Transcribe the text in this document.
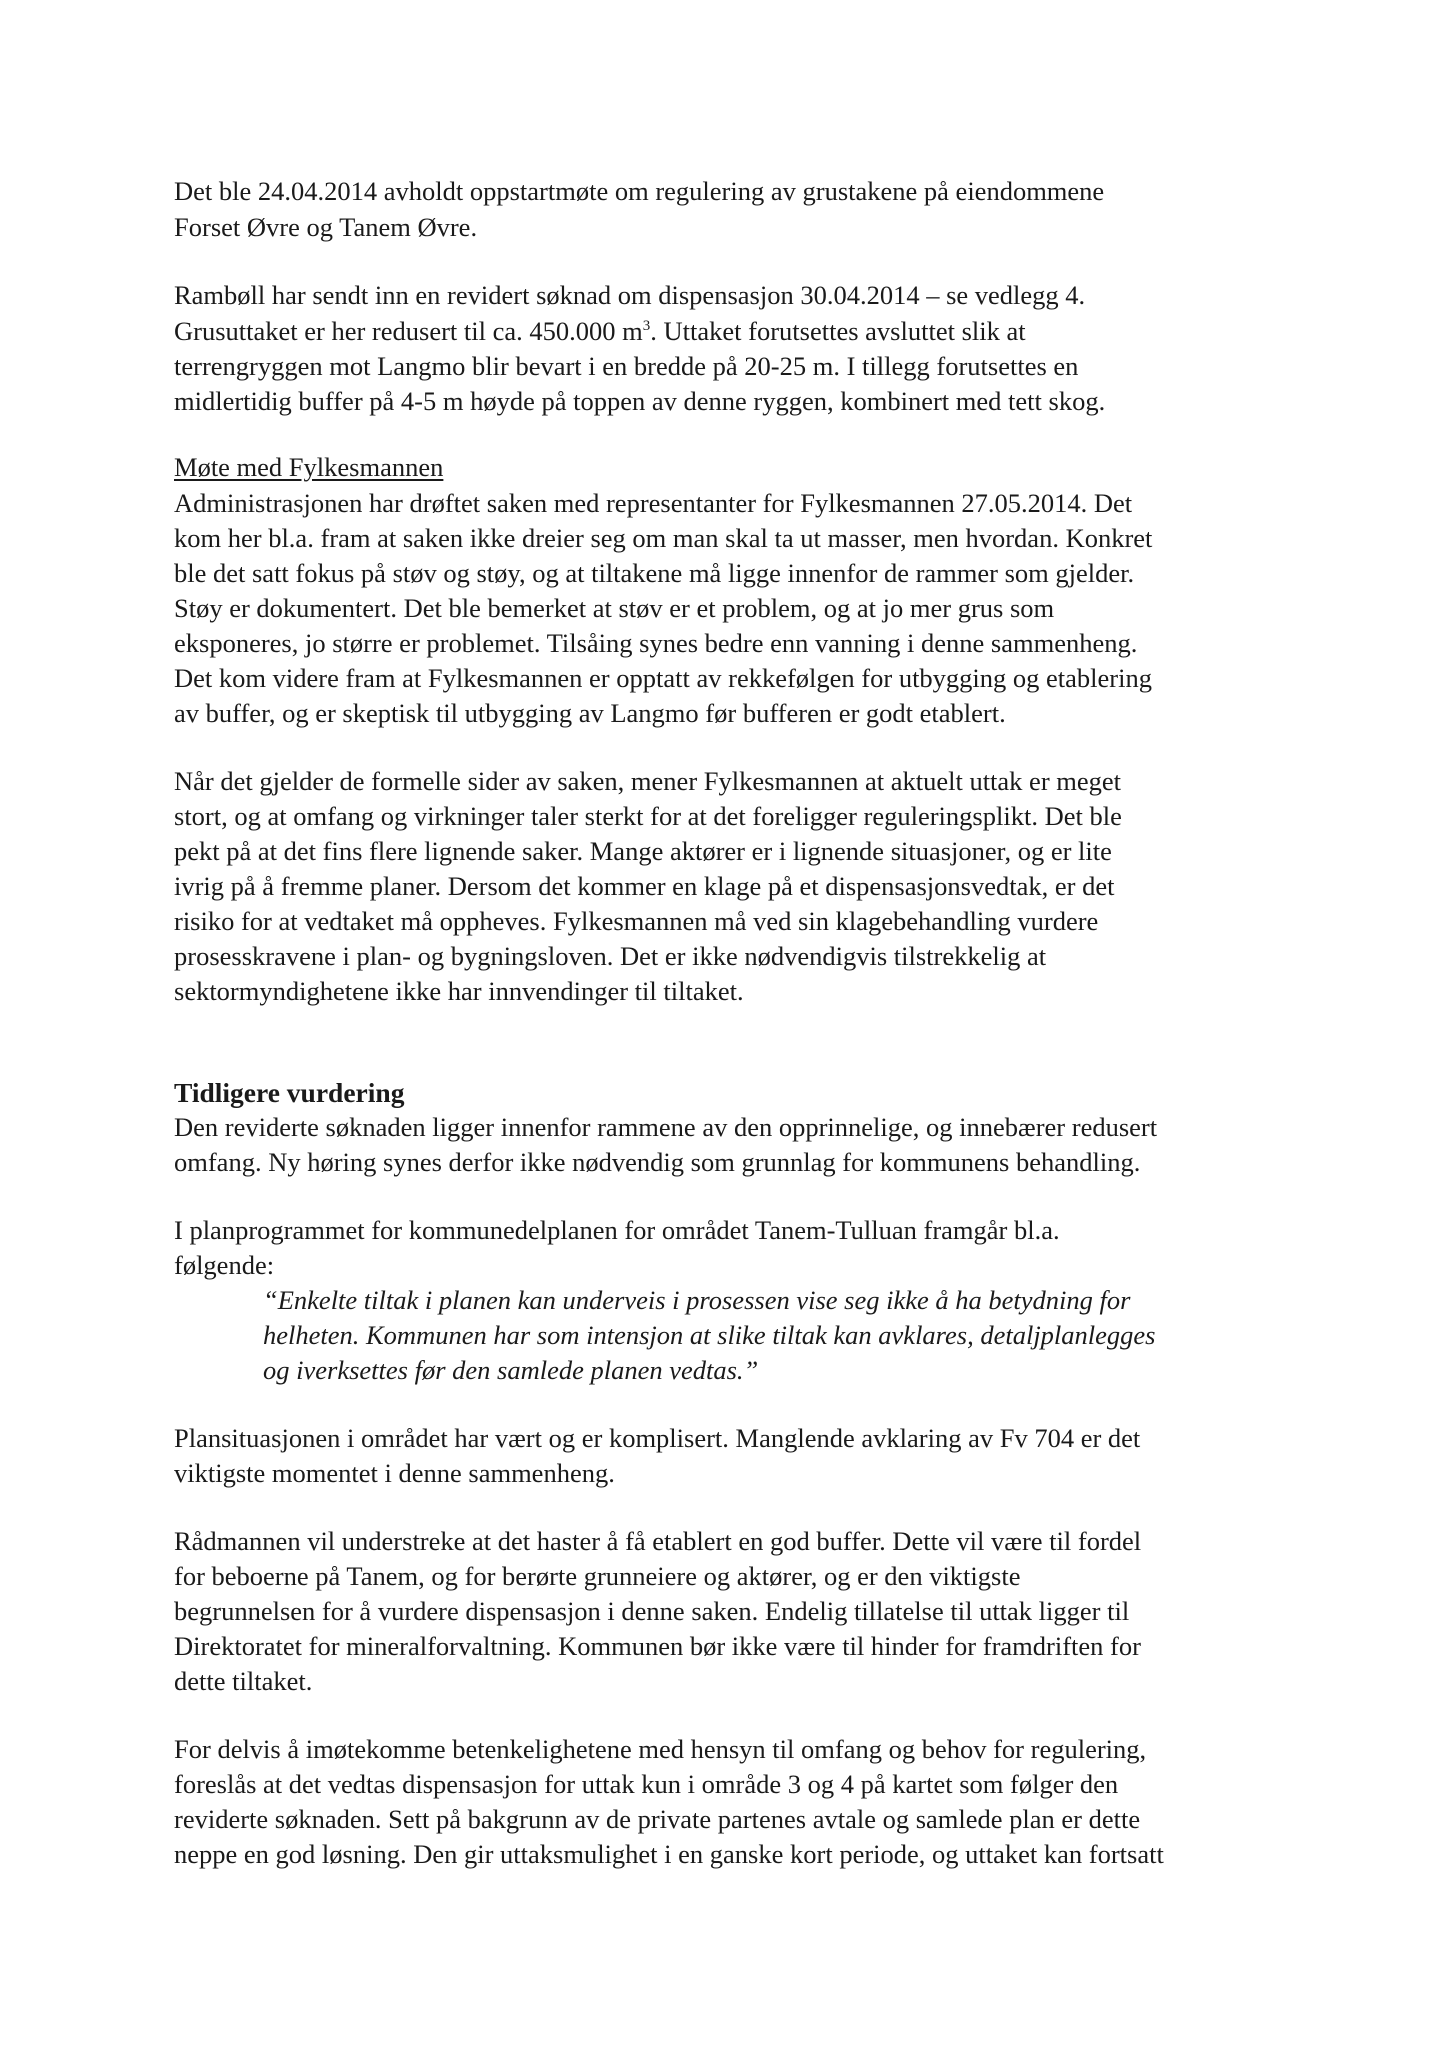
Det ble 24.04.2014 avholdt oppstartmøte om regulering av grustakene på eiendommene
Forset Øvre og Tanem Øvre.
Rambøll har sendt inn en revidert søknad om dispensasjon 30.04.2014 – se vedlegg 4.
Grusuttaket er her redusert til ca. 450.000 $m^3$. Uttaket forutsettes avsluttet slik at
terrengryggen mot Langmo blir bevart i en bredde på 20-25 m. I tillegg forutsettes en
midlertidig buffer på 4-5 m høyde på toppen av denne ryggen, kombinert med tett skog.
Møte med Fylkesmannen
Administrasjonen har drøftet saken med representanter for Fylkesmannen 27.05.2014. Det
kom her bl.a. fram at saken ikke dreier seg om man skal ta ut masser, men hvordan. Konkret
ble det satt fokus på støv og støy, og at tiltakene må ligge innenfor de rammer som gjelder.
Støy er dokumentert. Det ble bemerket at støv er et problem, og at jo mer grus som
eksponeres, jo større er problemet. Tilsåing synes bedre enn vanning i denne sammenheng.
Det kom videre fram at Fylkesmannen er opptatt av rekkefølgen for utbygging og etablering
av buffer, og er skeptisk til utbygging av Langmo før bufferen er godt etablert.
Når det gjelder de formelle sider av saken, mener Fylkesmannen at aktuelt uttak er meget
stort, og at omfang og virkninger taler sterkt for at det foreligger reguleringsplikt. Det ble
pekt på at det fins flere lignende saker. Mange aktører er i lignende situasjoner, og er lite
ivrig på å fremme planer. Dersom det kommer en klage på et dispensasjonsvedtak, er det
risiko for at vedtaket må oppheves. Fylkesmannen må ved sin klagebehandling vurdere
prosesskravene i plan- og bygningsloven. Det er ikke nødvendigvis tilstrekkelig at
sektormyndighetene ikke har innvendinger til tiltaket.
Tidligere vurdering
Den reviderte søknaden ligger innenfor rammene av den opprinnelige, og innebærer redusert
omfang. Ny høring synes derfor ikke nødvendig som grunnlag for kommunens behandling.
I planprogrammet for kommunedelplanen for området Tanem-Tulluan framgår bl.a.
følgende:
“Enkelte tiltak i planen kan underveis i prosessen vise seg ikke å ha betydning for
helheten. Kommunen har som intensjon at slike tiltak kan avklares, detaljplanlegges
og iverksettes før den samlede planen vedtas.”
Plansituasjonen i området har vært og er komplisert. Manglende avklaring av Fv 704 er det
viktigste momentet i denne sammenheng.
Rådmannen vil understreke at det haster å få etablert en god buffer. Dette vil være til fordel
for beboerne på Tanem, og for berørte grunneiere og aktører, og er den viktigste
begrunnelsen for å vurdere dispensasjon i denne saken. Endelig tillatelse til uttak ligger til
Direktoratet for mineralforvaltning. Kommunen bør ikke være til hinder for framdriften for
dette tiltaket.
For delvis å imøtekomme betenkelighetene med hensyn til omfang og behov for regulering,
foreslås at det vedtas dispensasjon for uttak kun i område 3 og 4 på kartet som følger den
reviderte søknaden. Sett på bakgrunn av de private partenes avtale og samlede plan er dette
neppe en god løsning. Den gir uttaksmulighet i en ganske kort periode, og uttaket kan fortsatt
